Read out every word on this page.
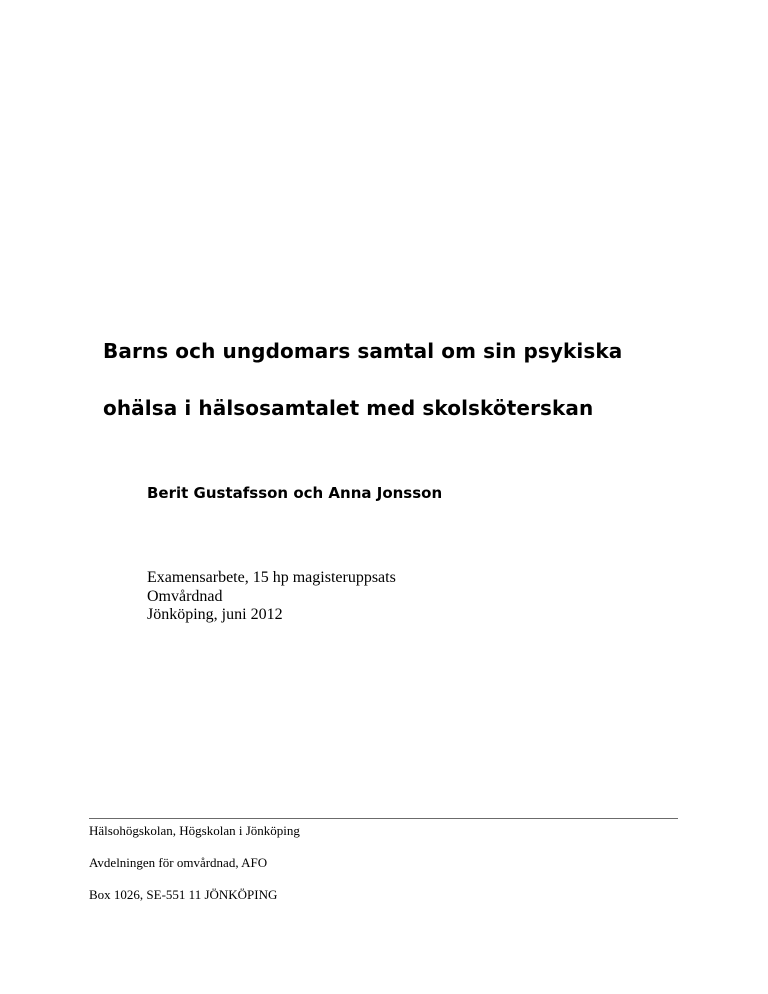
Barns och ungdomars samtal om sin psykiska
ohälsa i hälsosamtalet med skolsköterskan

Berit Gustafsson och Anna Jonsson

Examensarbete, 15 hp magisteruppsats
Omvårdnad
Jönköping, juni 2012

Hälsohögskolan, Högskolan i Jönköping

Avdelningen för omvårdnad, AFO

Box 1026, SE-551 11 JÖNKÖPING
